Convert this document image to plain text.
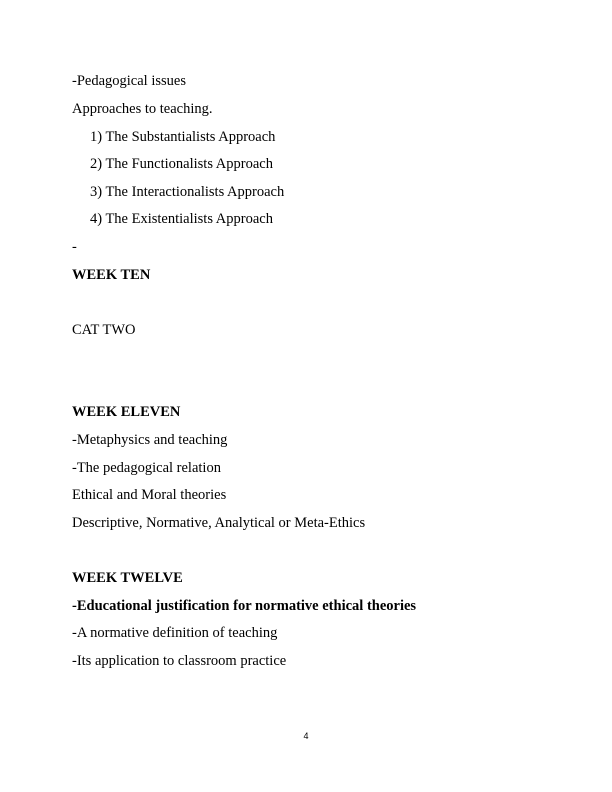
-Pedagogical issues
Approaches to teaching.
1) The Substantialists Approach
2) The Functionalists Approach
3) The Interactionalists Approach
4) The Existentialists Approach
-
WEEK TEN
CAT TWO
WEEK ELEVEN
-Metaphysics and teaching
-The pedagogical relation
Ethical and Moral theories
Descriptive, Normative, Analytical or Meta-Ethics
WEEK TWELVE
-Educational justification for normative ethical theories
-A normative definition of teaching
-Its application to classroom practice
4
